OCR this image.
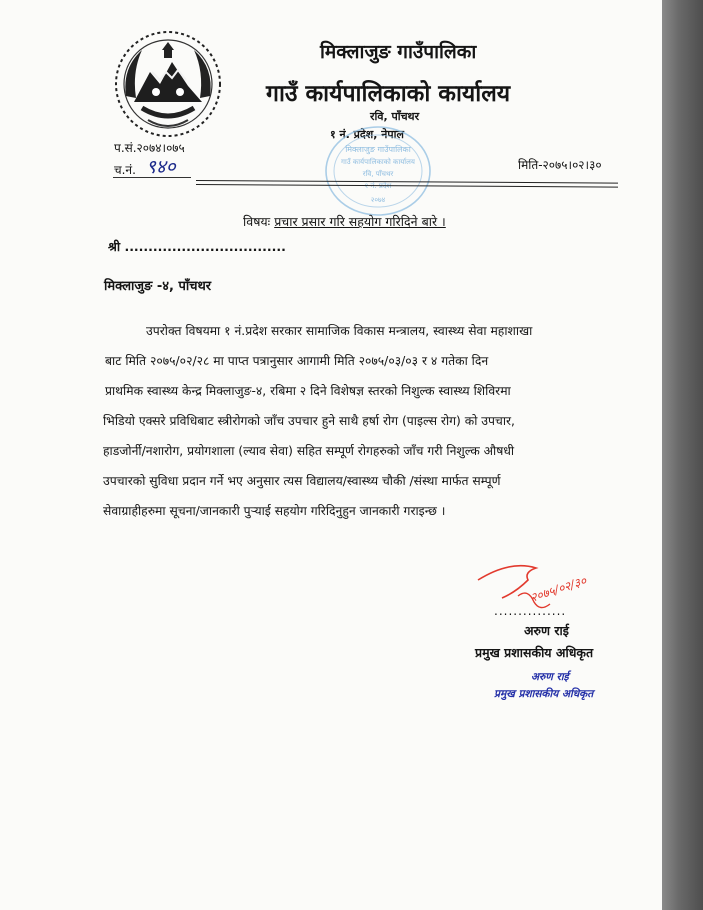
मिक्लाजुङ गाउँपालिका
गाउँ कार्यपालिकाको कार्यालय
रवि, पाँचथर
१ नं. प्रदेश, नेपाल
मिक्लाजुङ गाउँपालिका
गाउँ कार्यपालिकाको कार्यालय
रवि, पाँचथर
१ नं. प्रदेश
२०७४
प.सं.२०७४।०७५
च.नं. ९४०	मिति-२०७५।०२।३०
विषयः प्रचार प्रसार गरि सहयोग गरिदिने बारे ।
श्री ..................................
मिक्लाजुङ -४, पाँचथर
उपरोक्त विषयमा १ नं.प्रदेश सरकार सामाजिक विकास मन्त्रालय, स्वास्थ्य सेवा महाशाखा
बाट मिति २०७५/०२/२८ मा पाप्त पत्रानुसार आगामी मिति २०७५/०३/०३ र ४ गतेका दिन
प्राथमिक स्वास्थ्य केन्द्र मिक्लाजुङ-४, रबिमा २ दिने विशेषज्ञ स्तरको निशुल्क स्वास्थ्य शिविरमा
भिडियो एक्सरे प्रविधिबाट स्त्रीरोगको जाँच उपचार हुने साथै हर्षा रोग (पाइल्स रोग) को उपचार,
हाडजोर्नी/नशारोग, प्रयोगशाला (ल्याव सेवा) सहित सम्पूर्ण रोगहरुको जाँच गरी निशुल्क औषधी
उपचारको सुविधा प्रदान गर्ने भए अनुसार त्यस विद्यालय/स्वास्थ्य चौकी /संस्था मार्फत सम्पूर्ण
सेवाग्राहीहरुमा सूचना/जानकारी पुऱ्याई सहयोग गरिदिनुहुन जानकारी गराइन्छ ।
२०७५/०२/३०
...............
अरुण राई
प्रमुख प्रशासकीय अधिकृत
अरुण राई
प्रमुख प्रशासकीय अधिकृत
